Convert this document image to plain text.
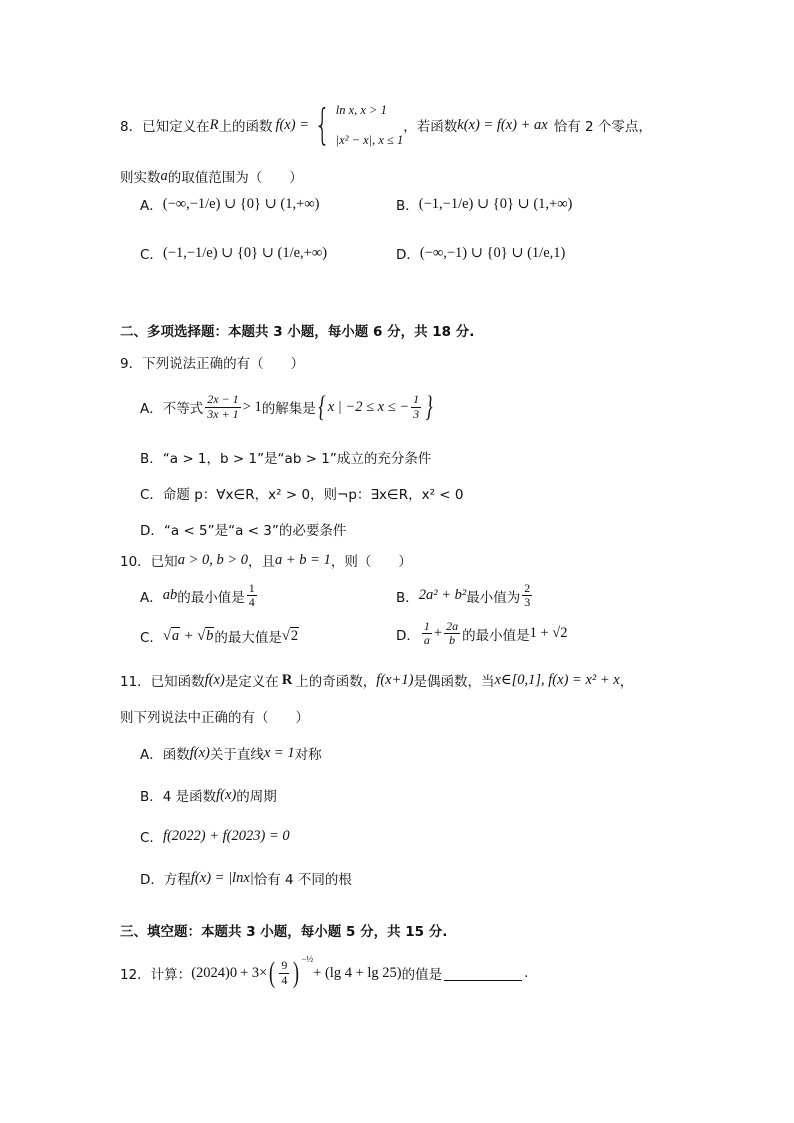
8． 已知定义在 R 上的函数 f(x) = { ln x, x > 1
|x² − x|, x ≤ 1
，若函数 k(x) = f(x) + ax 恰有 2 个零点，
则实数 a 的取值范围为（　　）
A． (−∞,−1/e) ∪ {0} ∪ (1,+∞)	B． (−1,−1/e) ∪ {0} ∪ (1,+∞)
C． (−1,−1/e) ∪ {0} ∪ (1/e,+∞)	D． (−∞,−1) ∪ {0} ∪ (1/e,1)
二、多项选择题：本题共 3 小题，每小题 6 分，共 18 分.
9．下列说法正确的有（　　）
A．不等式 $\frac{2x - 1}{3x + 1} > 1$ 的解集是 { x | −2 ≤ x ≤ − $\frac{1}{3}$ }
B．“a > 1，b > 1”是“ab > 1”成立的充分条件
C．命题 p：∀x∈R，x² > 0，则¬p：∃x∈R，x² < 0
D．“a < 5”是“a < 3”的必要条件
10．已知 a > 0, b > 0 ，且 a + b = 1 ，则（　　）
A． ab 的最小值是 $\frac{1}{4}$	B． 2a² + b² 最小值为 $\frac{2}{3}$
C． √a + √b 的最大值是 √2	D． $\frac{1}{a} + \frac{2a}{b}$ 的最小值是 1 + √2
11．已知函数 f(x) 是定义在 R 上的奇函数， f(x+1) 是偶函数，当 x∈[0,1], f(x) = x² + x ，
则下列说法中正确的有（　　）
A．函数 f(x) 关于直线 x = 1 对称
B．4 是函数 f(x) 的周期
C． f(2022) + f(2023) = 0
D．方程 f(x) = |lnx| 恰有 4 不同的根
三、填空题：本题共 3 小题，每小题 5 分，共 15 分.
12．计算： (2024) 0 + 3× ( $\frac{9}{4} )^{-\frac{1}{2}}$
+ (lg 4 + lg 25) 的值是	.
